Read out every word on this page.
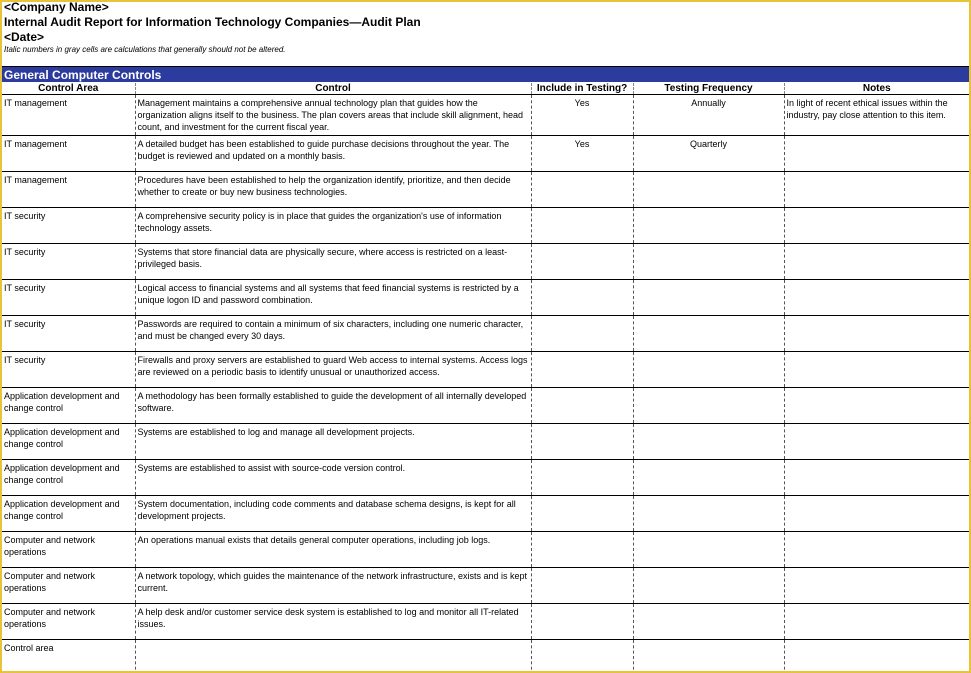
<Company Name>
Internal Audit Report for Information Technology Companies—Audit Plan
<Date>
Italic numbers in gray cells are calculations that generally should not be altered.
General Computer Controls
Control Area	Control	Include in Testing?	Testing Frequency	Notes
IT management	Management maintains a comprehensive annual technology plan that guides how the organization aligns itself to the business. The plan covers areas that include skill alignment, head count, and investment for the current fiscal year.	Yes	Annually	In light of recent ethical issues within the industry, pay close attention to this item.
IT management	A detailed budget has been established to guide purchase decisions throughout the year. The budget is reviewed and updated on a monthly basis.	Yes	Quarterly	
IT management	Procedures have been established to help the organization identify, prioritize, and then decide whether to create or buy new business technologies.			
IT security	A comprehensive security policy is in place that guides the organization's use of information technology assets.			
IT security	Systems that store financial data are physically secure, where access is restricted on a least-privileged basis.			
IT security	Logical access to financial systems and all systems that feed financial systems is restricted by a unique logon ID and password combination.			
IT security	Passwords are required to contain a minimum of six characters, including one numeric character, and must be changed every 30 days.			
IT security	Firewalls and proxy servers are established to guard Web access to internal systems. Access logs are reviewed on a periodic basis to identify unusual or unauthorized access.			
Application development and change control	A methodology has been formally established to guide the development of all internally developed software.			
Application development and change control	Systems are established to log and manage all development projects.			
Application development and change control	Systems are established to assist with source-code version control.			
Application development and change control	System documentation, including code comments and database schema designs, is kept for all development projects.			
Computer and network operations	An operations manual exists that details general computer operations, including job logs.			
Computer and network operations	A network topology, which guides the maintenance of the network infrastructure, exists and is kept current.			
Computer and network operations	A help desk and/or customer service desk system is established to log and monitor all IT-related issues.			
Control area				
